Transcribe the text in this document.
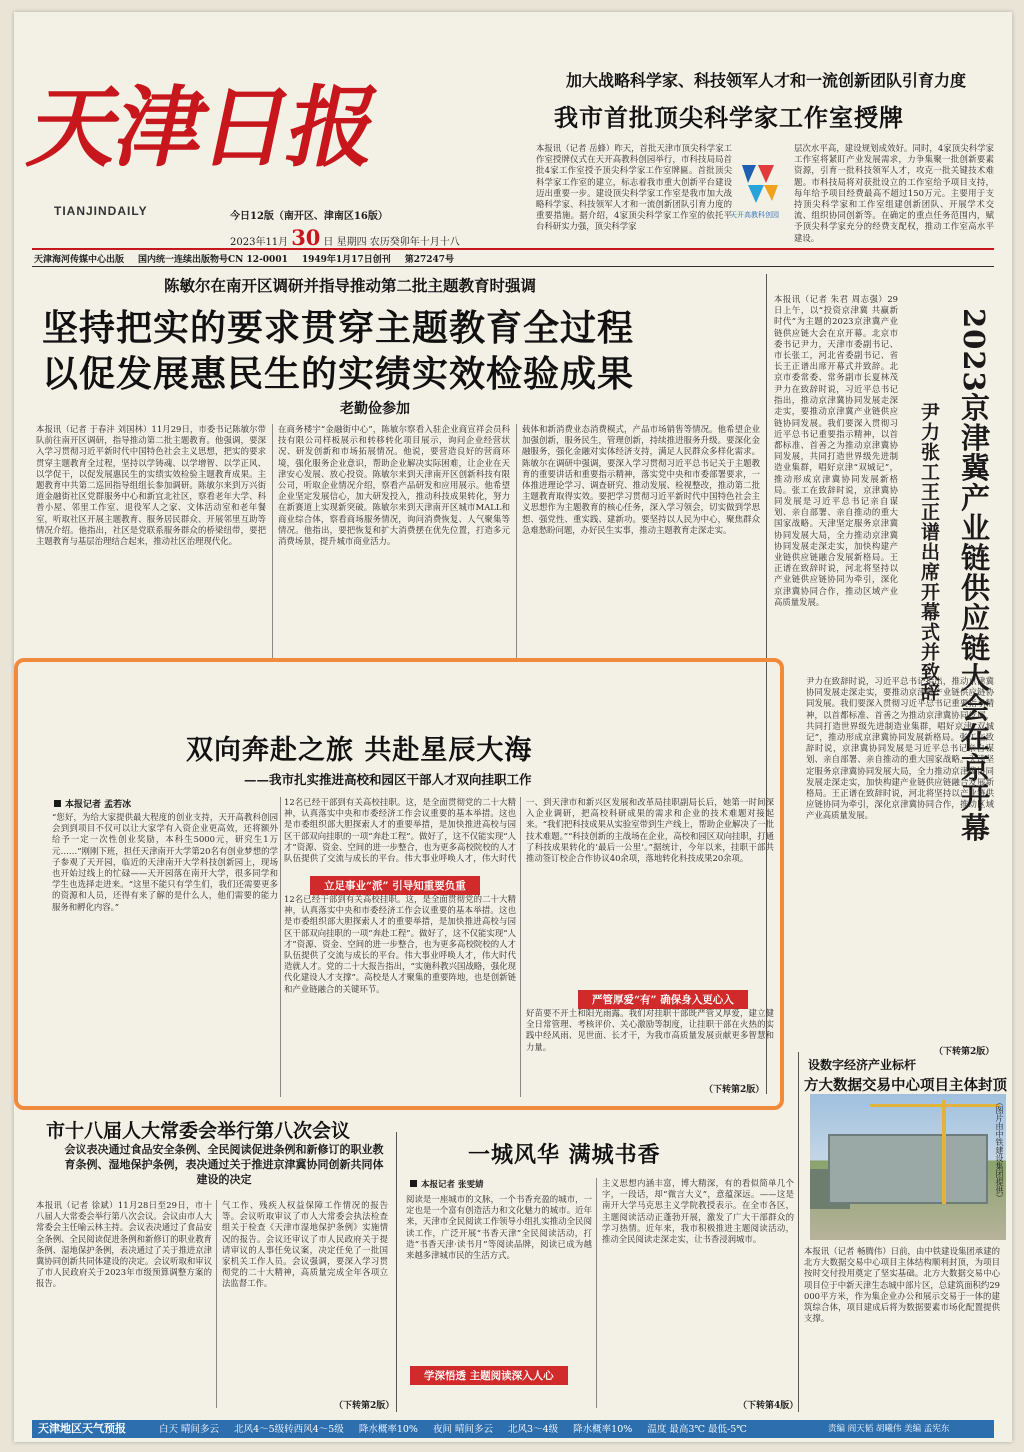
天津日报
TIANJINDAILY	今日12版（南开区、津南区16版）
2023年11月 30 日 星期四 农历癸卯年十月十八
天津海河传媒中心出版 国内统一连续出版物号CN 12-0001 1949年1月17日创刊 第27247号
加大战略科学家、科技领军人才和一流创新团队引育力度
我市首批顶尖科学家工作室授牌
本报讯（记者 岳蜂）昨天，首批天津市顶尖科学家工作室授牌仪式在天开高教科创园举行，市科技局局首批4家工作室授予顶尖科学家工作室牌匾。首批顶尖科学家工作室的建立，标志着我市重大创新平台建设迈出重要一步。建设顶尖科学家工作室是我市加大战略科学家、科技领军人才和一流创新团队引育力度的重要措施。据介绍，4家顶尖科学家工作室的依托平台科研实力强，顶尖科学家
天开高教科创园
层次水平高，建设规划成效好。同时，4家顶尖科学家工作室将紧盯产业发展需求，力争集聚一批创新要素资源，引育一批科技领军人才，攻克一批关键技术难题。市科技局将对获批设立的工作室给予项目支持，每年给予项目经费最高不超过150万元。主要用于支持顶尖科学家和工作室组建创新团队、开展学术交流、组织协同创新等。在确定的重点任务范围内，赋予顶尖科学家充分的经费支配权，推动工作室高水平建设。
陈敏尔在南开区调研并指导推动第二批主题教育时强调
坚持把实的要求贯穿主题教育全过程
以促发展惠民生的实绩实效检验成果
老勤俭参加
本报讯（记者 于春沣 刘国林）11月29日，市委书记陈敏尔带队前往南开区调研，指导推动第二批主题教育。他强调，要深入学习贯彻习近平新时代中国特色社会主义思想，把实的要求贯穿主题教育全过程，坚持以学铸魂、以学增智、以学正风、以学促干，以促发展惠民生的实绩实效检验主题教育成果。主题教育中共第二巡回指导组组长参加调研。陈敏尔来到万兴街道金融街社区党群服务中心和新宜北社区，察看老年大学、科普小屋、邻里工作室、退役军人之家、文体活动室和老年餐室，听取社区开展主题教育、服务居民群众、开展邻里互助等情况介绍。他指出，社区是党联系服务群众的桥梁纽带，要把主题教育与基层治理结合起来，推动社区治理现代化。
在商务楼宇“金融街中心”，陈敏尔察看入驻企业商宣祥会员科技有限公司样板展示和转移转化项目展示，询问企业经营状况、研发创新和市场拓展情况。他说，要营造良好的营商环境，强化服务企业意识，帮助企业解决实际困难，让企业在天津安心发展、放心投资。陈敏尔来到天津南开区创新科技有限公司，听取企业情况介绍，察看产品研发和应用展示。他希望企业坚定发展信心，加大研发投入，推动科技成果转化，努力在新赛道上实现新突破。陈敏尔来到天津南开区城市MALL和商业综合体，察看商场服务情况，询问消费恢复、人气聚集等情况。他指出，要把恢复和扩大消费摆在优先位置，打造多元消费场景，提升城市商业活力。
载体和新消费业态消费模式，产品市场销售等情况。他希望企业加强创新，服务民生，管理创新，持续推进服务升级。要深化金融服务，强化金融对实体经济支持，满足人民群众多样化需求。陈敏尔在调研中强调，要深入学习贯彻习近平总书记关于主题教育的重要讲话和重要指示精神，落实党中央和市委部署要求，一体推进理论学习、调查研究、推动发展、检视整改，推动第二批主题教育取得实效。要把学习贯彻习近平新时代中国特色社会主义思想作为主题教育的核心任务，深入学习领会，切实做到学思想、强党性、重实践、建新功。要坚持以人民为中心，聚焦群众急难愁盼问题，办好民生实事，推动主题教育走深走实。
本报讯（记者 朱君 周志强）29日上午，以“投资京津冀 共赢新时代”为主题的2023京津冀产业链供应链大会在京开幕。北京市委书记尹力，天津市委副书记、市长张工，河北省委副书记、省长王正谱出席开幕式并致辞。北京市委常委、常务副市长夏林茂
尹力在致辞时说，习近平总书记指出，推动京津冀协同发展走深走实，要推动京津冀产业链供应链协同发展。我们要深入贯彻习近平总书记重要指示精神，以首都标准、首善之为推动京津冀协同发展，共同打造世界级先进制造业集群，唱好京津“双城记”，推动形成京津冀协同发展新格局。张工在致辞时说，京津冀协同发展是习近平总书记亲自谋划、亲自部署、亲自推动的重大国家战略。天津坚定服务京津冀协同发展大局，全力推动京津冀协同发展走深走实，加快构建产业链供应链融合发展新格局。王正谱在致辞时说，河北将坚持以产业链供应链协同为牵引，深化京津冀协同合作，推动区域产业高质量发展。	2023京津冀产业链供应链大会在京开幕
尹力张工王正谱出席开幕式并致辞
尹力在致辞时说，习近平总书记指出，推动京津冀协同发展走深走实，要推动京津冀产业链供应链协同发展。我们要深入贯彻习近平总书记重要指示精神，以首都标准、首善之为推动京津冀协同发展，共同打造世界级先进制造业集群，唱好京津“双城记”，推动形成京津冀协同发展新格局。张工在致辞时说，京津冀协同发展是习近平总书记亲自谋划、亲自部署、亲自推动的重大国家战略。天津坚定服务京津冀协同发展大局，全力推动京津冀协同发展走深走实，加快构建产业链供应链融合发展新格局。王正谱在致辞时说，河北将坚持以产业链供应链协同为牵引，深化京津冀协同合作，推动区域产业高质量发展。
（下转第2版）
双向奔赴之旅 共赴星辰大海
——我市扎实推进高校和园区干部人才双向挂职工作
本报记者 孟若冰
“您好，为给大家提供最大程度的创业支持，天开高教科创园会到到项目不仅可以让大家学有入资企业更高效，还将额外给予一定一次性创业奖励，本科生5000元，研究生1万元……”刚刚下班，担任天津南开大学第20名有创业梦想的学子参观了天开园，临近的天津南开大学科技创新园上，现场也开始过线上的忙碌——天开园落在南开大学，很多同学和学生也选择走进来。“这里不能只有学生们，我们还需要更多的资源和人员，还得有来了解的是什么人，他们需要的能力服务和孵化内容。”
12名已经干部到有关高校挂职。这，是全面贯彻党的二十大精神，认真落实中央和市委经济工作会议重要的基本举措。这也是市委组织部大胆探索人才的重要举措，是加快推进高校与园区干部双向挂职的一项“奔赴工程”。做好了，这不仅能实现“人才”资源、资金、空间的进一步整合，也为更多高校院校的人才队伍提供了交流与成长的平台。伟大事业呼唤人才，伟大时代
立足事业“派” 引导知重要负重
12名已经干部到有关高校挂职。这，是全面贯彻党的二十大精神，认真落实中央和市委经济工作会议重要的基本举措。这也是市委组织部大胆探索人才的重要举措，是加快推进高校与园区干部双向挂职的一项“奔赴工程”。做好了，这不仅能实现“人才”资源、资金、空间的进一步整合，也为更多高校院校的人才队伍提供了交流与成长的平台。伟大事业呼唤人才，伟大时代造就人才。党的二十大报告指出，“实施科教兴国战略，强化现代化建设人才支撑”。高校是人才聚集的重要阵地，也是创新链和产业链融合的关键环节。
一、到天津市和新兴区发展和改革局挂职副局长后，她第一时间深入企业调研，把高校科研成果的需求和企业的技术难题对接起来。“我们把科技成果从实验室带到生产线上，帮助企业解决了一批技术难题。”“科技创新的主战场在企业，高校和园区双向挂职，打通了科技成果转化的‘最后一公里’。”据统计，今年以来，挂职干部共推动签订校企合作协议40余项，落地转化科技成果20余项。
严管厚爱“有” 确保身入更心入
好苗要不开土和阳光雨露。我们对挂职干部既严管又厚爱，建立健全日常管理、考核评价、关心激励等制度，让挂职干部在火热的实践中经风雨、见世面、长才干，为我市高质量发展贡献更多智慧和力量。
（下转第2版）
市十八届人大常委会举行第八次会议
会议表决通过食品安全条例、全民阅读促进条例和新修订的职业教育条例、湿地保护条例，表决通过关于推进京津冀协同创新共同体建设的决定
本报讯（记者 徐斌）11月28日至29日，市十八届人大常委会举行第八次会议。会议由市人大常委会主任喻云林主持。会议表决通过了食品安全条例、全民阅读促进条例和新修订的职业教育条例、湿地保护条例，表决通过了关于推进京津冀协同创新共同体建设的决定。会议听取和审议了市人民政府关于2023年市级预算调整方案的报告。
气工作、残疾人权益保障工作情况的报告等。会议听取审议了市人大常委会执法检查组关于检查《天津市湿地保护条例》实施情况的报告。会议还审议了市人民政府关于提请审议的人事任免议案，决定任免了一批国家机关工作人员。会议强调，要深入学习贯彻党的二十大精神，高质量完成全年各项立法监督工作。
（下转第2版）
一城风华 满城书香
本报记者 张雯婧
阅读是一座城市的文脉，一个书香充盈的城市，一定也是一个富有创造活力和文化魅力的城市。近年来，天津市全民阅读工作领导小组扎实推动全民阅读工作，广泛开展“书香天津”全民阅读活动，打造“书香天津·读书月”等阅读品牌，阅读已成为越来越多津城市民的生活方式。
学深悟透 主题阅读深入人心
主义思想内涵丰富，博大精深，有的看似简单几个字，一段话，却“微言大义”，意蕴深远。——这是南开大学马克思主义学院教授表示。在全市各区，主题阅读活动正蓬勃开展，激发了广大干部群众的学习热情。近年来，我市积极推进主题阅读活动，推动全民阅读走深走实，让书香浸润城市。
（下转第4版）
设数字经济产业标杆
方大数据交易中心项目主体封顶
（图片由中铁建设集团提供）
本报讯（记者 畅腾伟）日前，由中铁建设集团承建的北方大数据交易中心项目主体结构顺利封顶，为项目按时交付投用奠定了坚实基础。北方大数据交易中心项目位于中新天津生态城中部片区，总建筑面积约29000平方米，作为集企业办公和展示交易于一体的建筑综合体，项目建成后将为数据要素市场化配置提供支撑。
天津地区天气预报	白天 晴间多云 北风4～5级转西风4～5级 降水概率10% 夜间 晴间多云 北风3～4级 降水概率10% 温度 最高3℃ 最低-5℃	责编 阎天韬 胡曦伟 美编 孟宪东
